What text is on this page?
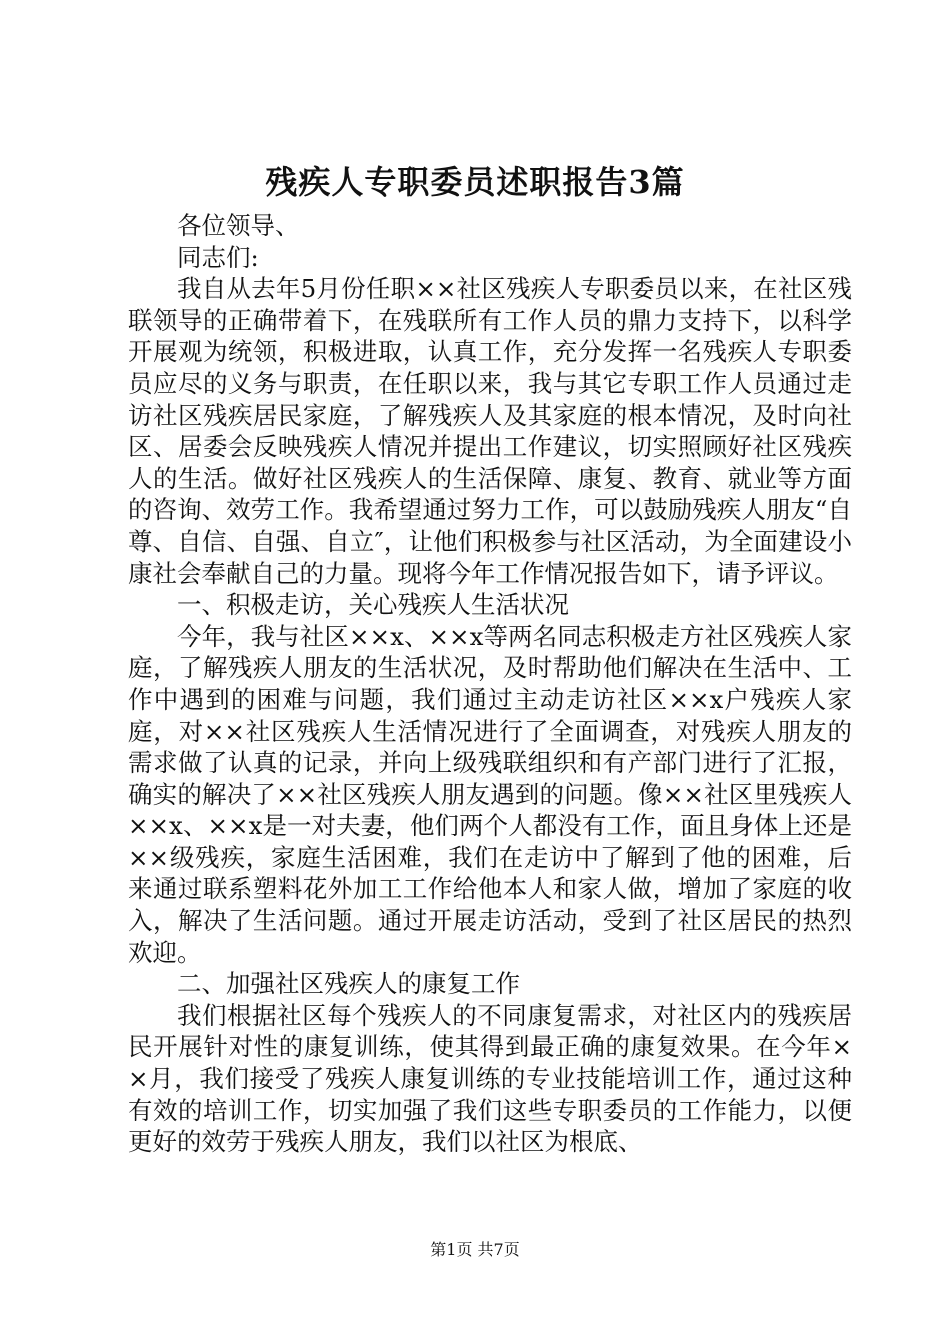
残疾人专职委员述职报告3篇

各位领导、

同志们:

我自从去年5月份任职××社区残疾人专职委员以来，在社区残联领导的正确带着下，在残联所有工作人员的鼎力支持下，以科学开展观为统领，积极进取，认真工作，充分发挥一名残疾人专职委员应尽的义务与职责，在任职以来，我与其它专职工作人员通过走访社区残疾居民家庭，了解残疾人及其家庭的根本情况，及时向社区、居委会反映残疾人情况并提出工作建议，切实照顾好社区残疾人的生活。做好社区残疾人的生活保障、康复、教育、就业等方面的咨询、效劳工作。我希望通过努力工作，可以鼓励残疾人朋友“自尊、自信、自强、自立″，让他们积极参与社区活动，为全面建设小康社会奉献自己的力量。现将今年工作情况报告如下，请予评议。

一、积极走访，关心残疾人生活状况

今年，我与社区××x、××x等两名同志积极走方社区残疾人家庭，了解残疾人朋友的生活状况，及时帮助他们解决在生活中、工作中遇到的困难与问题，我们通过主动走访社区××x户残疾人家庭，对××社区残疾人生活情况进行了全面调查，对残疾人朋友的需求做了认真的记录，并向上级残联组织和有产部门进行了汇报，确实的解决了××社区残疾人朋友遇到的问题。像××社区里残疾人××x、××x是一对夫妻，他们两个人都没有工作，面且身体上还是××级残疾，家庭生活困难，我们在走访中了解到了他的困难，后来通过联系塑料花外加工工作给他本人和家人做，增加了家庭的收入，解决了生活问题。通过开展走访活动，受到了社区居民的热烈欢迎。

二、加强社区残疾人的康复工作

我们根据社区每个残疾人的不同康复需求，对社区内的残疾居民开展针对性的康复训练，使其得到最正确的康复效果。在今年××月，我们接受了残疾人康复训练的专业技能培训工作，通过这种有效的培训工作，切实加强了我们这些专职委员的工作能力，以便更好的效劳于残疾人朋友，我们以社区为根底、

第1页 共7页
